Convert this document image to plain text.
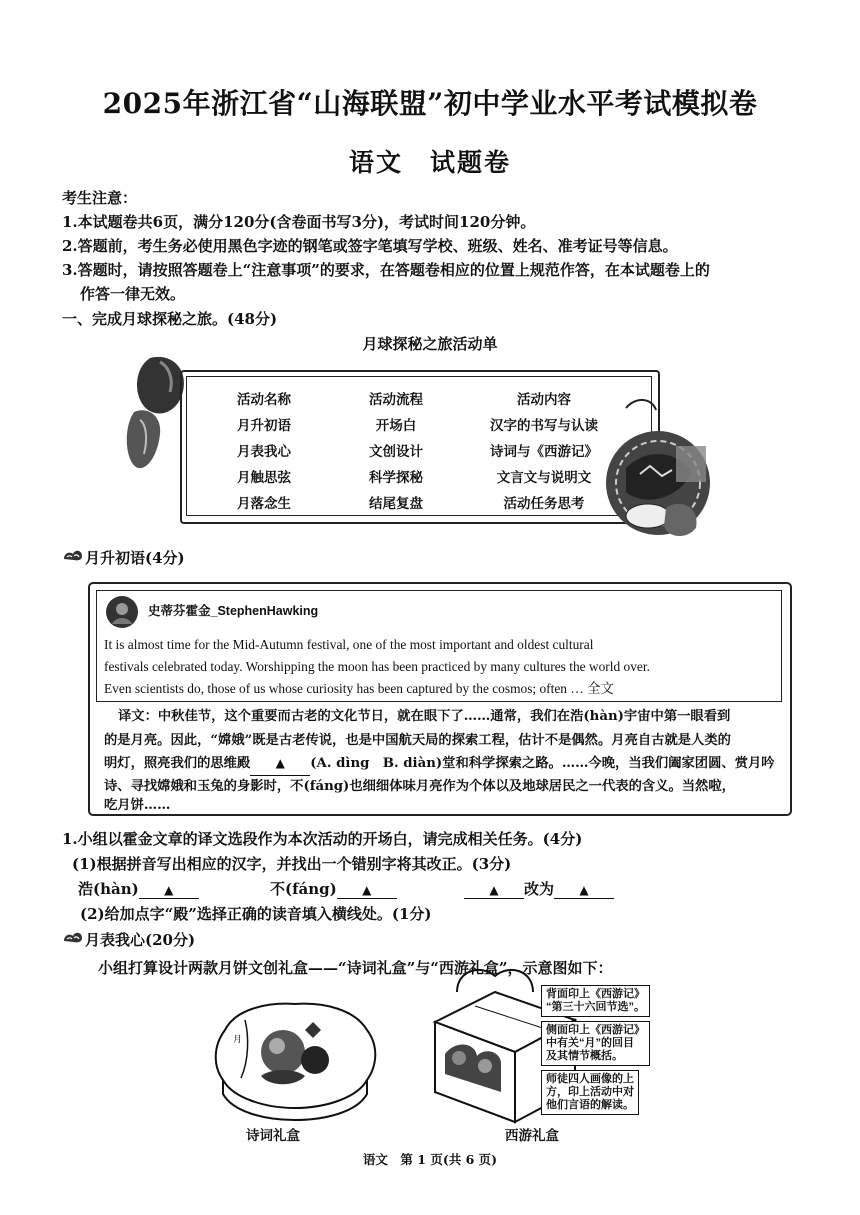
2025年浙江省“山海联盟”初中学业水平考试模拟卷
语文　试题卷
考生注意：
1.本试题卷共6页，满分120分(含卷面书写3分)，考试时间120分钟。
2.答题前，考生务必使用黑色字迹的钢笔或签字笔填写学校、班级、姓名、准考证号等信息。
3.答题时，请按照答题卷上“注意事项”的要求，在答题卷相应的位置上规范作答，在本试题卷上的
作答一律无效。
一、完成月球探秘之旅。(48分)
月球探秘之旅活动单
活动名称	活动流程	活动内容
月升初语	开场白	汉字的书写与认读
月表我心	文创设计	诗词与《西游记》
月触思弦	科学探秘	文言文与说明文
月落念生	结尾复盘	活动任务思考
月升初语(4分)
史蒂芬霍金_StephenHawking
It is almost time for the Mid-Autumn festival, one of the most important and oldest cultural
festivals celebrated today. Worshipping the moon has been practiced by many cultures the world over.
Even scientists do, those of us whose curiosity has been captured by the cosmos; often … 全文
译文：中秋佳节，这个重要而古老的文化节日，就在眼下了……通常，我们在浩(hàn)宇宙中第一眼看到
的是月亮。因此，“嫦娥”既是古老传说，也是中国航天局的探索工程，估计不是偶然。月亮自古就是人类的
明灯，照亮我们的思维殿 ▲ (A. dìng　B. diàn)堂和科学探索之路。……今晚，当我们阖家团圆、赏月吟
诗、寻找嫦娥和玉兔的身影时，不(fáng)也细细体味月亮作为个体以及地球居民之一代表的含义。当然啦，
吃月饼……
1.小组以霍金文章的译文选段作为本次活动的开场白，请完成相关任务。(4分)
(1)根据拼音写出相应的汉字，并找出一个错别字将其改正。(3分)
浩(hàn) ▲	不(fáng) ▲	▲ 改为 ▲
(2)给加点字“殿”选择正确的读音填入横线处。(1分)
月表我心(20分)
小组打算设计两款月饼文创礼盒——“诗词礼盒”与“西游礼盒”，示意图如下：
月
背面印上《西游记》
“第三十六回节选”。
侧面印上《西游记》
中有关“月”的回目
及其情节概括。
师徒四人画像的上
方，印上活动中对
他们言语的解读。
诗词礼盒	西游礼盒
语文　第 1 页(共 6 页)
